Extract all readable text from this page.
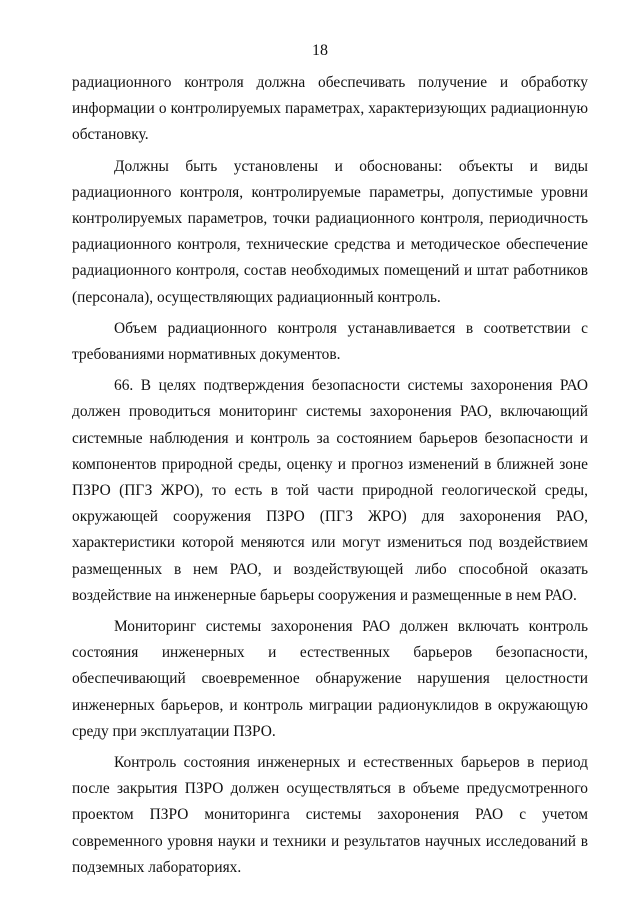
18

радиационного контроля должна обеспечивать получение и обработку информации о контролируемых параметрах, характеризующих радиационную обстановку.

Должны быть установлены и обоснованы: объекты и виды радиационного контроля, контролируемые параметры, допустимые уровни контролируемых параметров, точки радиационного контроля, периодичность радиационного контроля, технические средства и методическое обеспечение радиационного контроля, состав необходимых помещений и штат работников (персонала), осуществляющих радиационный контроль.

Объем радиационного контроля устанавливается в соответствии с требованиями нормативных документов.

66. В целях подтверждения безопасности системы захоронения РАО должен проводиться мониторинг системы захоронения РАО, включающий системные наблюдения и контроль за состоянием барьеров безопасности и компонентов природной среды, оценку и прогноз изменений в ближней зоне ПЗРО (ПГЗ ЖРО), то есть в той части природной геологической среды, окружающей сооружения ПЗРО (ПГЗ ЖРО) для захоронения РАО, характеристики которой меняются или могут измениться под воздействием размещенных в нем РАО, и воздействующей либо способной оказать воздействие на инженерные барьеры сооружения и размещенные в нем РАО.

Мониторинг системы захоронения РАО должен включать контроль состояния инженерных и естественных барьеров безопасности, обеспечивающий своевременное обнаружение нарушения целостности инженерных барьеров, и контроль миграции радионуклидов в окружающую среду при эксплуатации ПЗРО.

Контроль состояния инженерных и естественных барьеров в период после закрытия ПЗРО должен осуществляться в объеме предусмотренного проектом ПЗРО мониторинга системы захоронения РАО с учетом современного уровня науки и техники и результатов научных исследований в подземных лабораториях.
